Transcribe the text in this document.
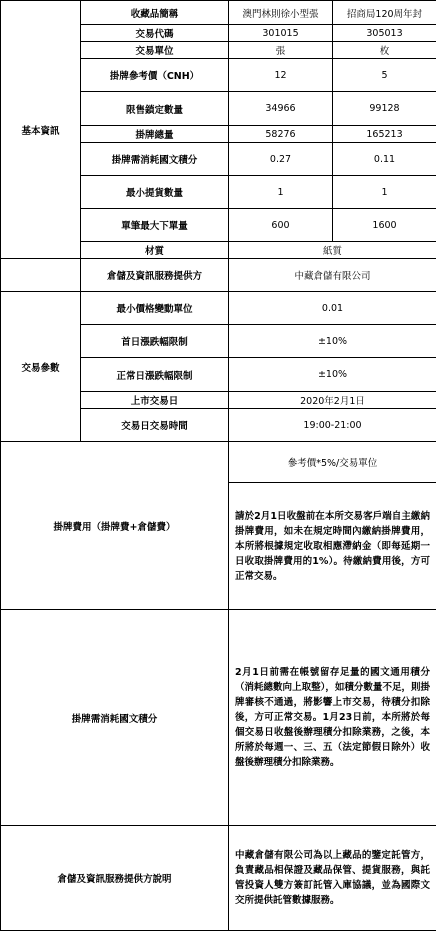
基本資訊	收藏品簡稱	澳門林則徐小型張	招商局120周年封
	交易代碼	301015	305013
	交易單位	張	枚
	掛牌參考價（CNH）	12	5
	限售鎖定數量	34966	99128
	掛牌總量	58276	165213
	掛牌需消耗國文積分	0.27	0.11
	最小提貨數量	1	1
	單筆最大下單量	600	1600
	材質	紙質	
	倉儲及資訊服務提供方	中藏倉儲有限公司	
交易參數	最小價格變動單位	0.01	
	首日漲跌幅限制	±10%	
	正常日漲跌幅限制	±10%	
	上市交易日	2020年2月1日	
	交易日交易時間	19:00-21:00	
掛牌費用（掛牌費+倉儲費）		參考價*5%/交易單位	

		請於2月1日收盤前在本所交易客戶端自主繳納掛牌費用，如未在規定時間內繳納掛牌費用，本所將根據規定收取相應滯納金（即每延期一日收取掛牌費用的1%）。待繳納費用後，方可正常交易。	

掛牌需消耗國文積分		2月1日前需在帳號留存足量的國文通用積分（消耗總數向上取整），如積分數量不足，則掛牌審核不通過，將影響上市交易，待積分扣除後，方可正常交易。1月23日前，本所將於每個交易日收盤後辦理積分扣除業務，之後，本所將於每週一、三、五（法定節假日除外）收盤後辦理積分扣除業務。	

倉儲及資訊服務提供方說明		中藏倉儲有限公司為以上藏品的鑒定託管方，負責藏品相保證及藏品保管、提貨服務，與託管投資人雙方簽訂託管入庫協議，並為國際文交所提供託管數據服務。	
